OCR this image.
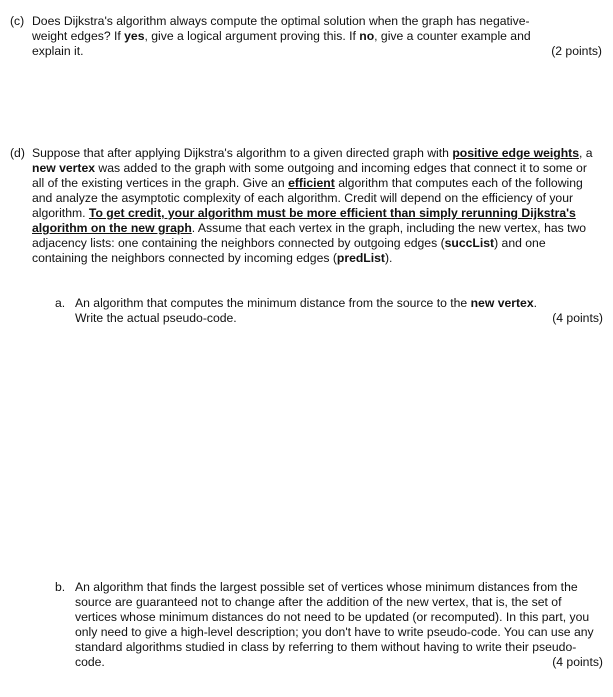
(c) Does Dijkstra's algorithm always compute the optimal solution when the graph has negative-
weight edges? If yes, give a logical argument proving this. If no, give a counter example and
explain it.	(2 points)
(d) Suppose that after applying Dijkstra's algorithm to a given directed graph with positive edge weights, a new vertex was added to the graph with some outgoing and incoming edges that connect it to some or all of the existing vertices in the graph. Give an efficient algorithm that computes each of the following and analyze the asymptotic complexity of each algorithm. Credit will depend on the efficiency of your algorithm. To get credit, your algorithm must be more efficient than simply rerunning Dijkstra's algorithm on the new graph. Assume that each vertex in the graph, including the new vertex, has two adjacency lists: one containing the neighbors connected by outgoing edges (succList) and one containing the neighbors connected by incoming edges (predList).
a. An algorithm that computes the minimum distance from the source to the new vertex.
Write the actual pseudo-code.	(4 points)
b. An algorithm that finds the largest possible set of vertices whose minimum distances from the source are guaranteed not to change after the addition of the new vertex, that is, the set of vertices whose minimum distances do not need to be updated (or recomputed). In this part, you only need to give a high-level description; you don't have to write pseudo-code. You can use any standard algorithms studied in class by referring to them without having to write their pseudo-code.	(4 points)
